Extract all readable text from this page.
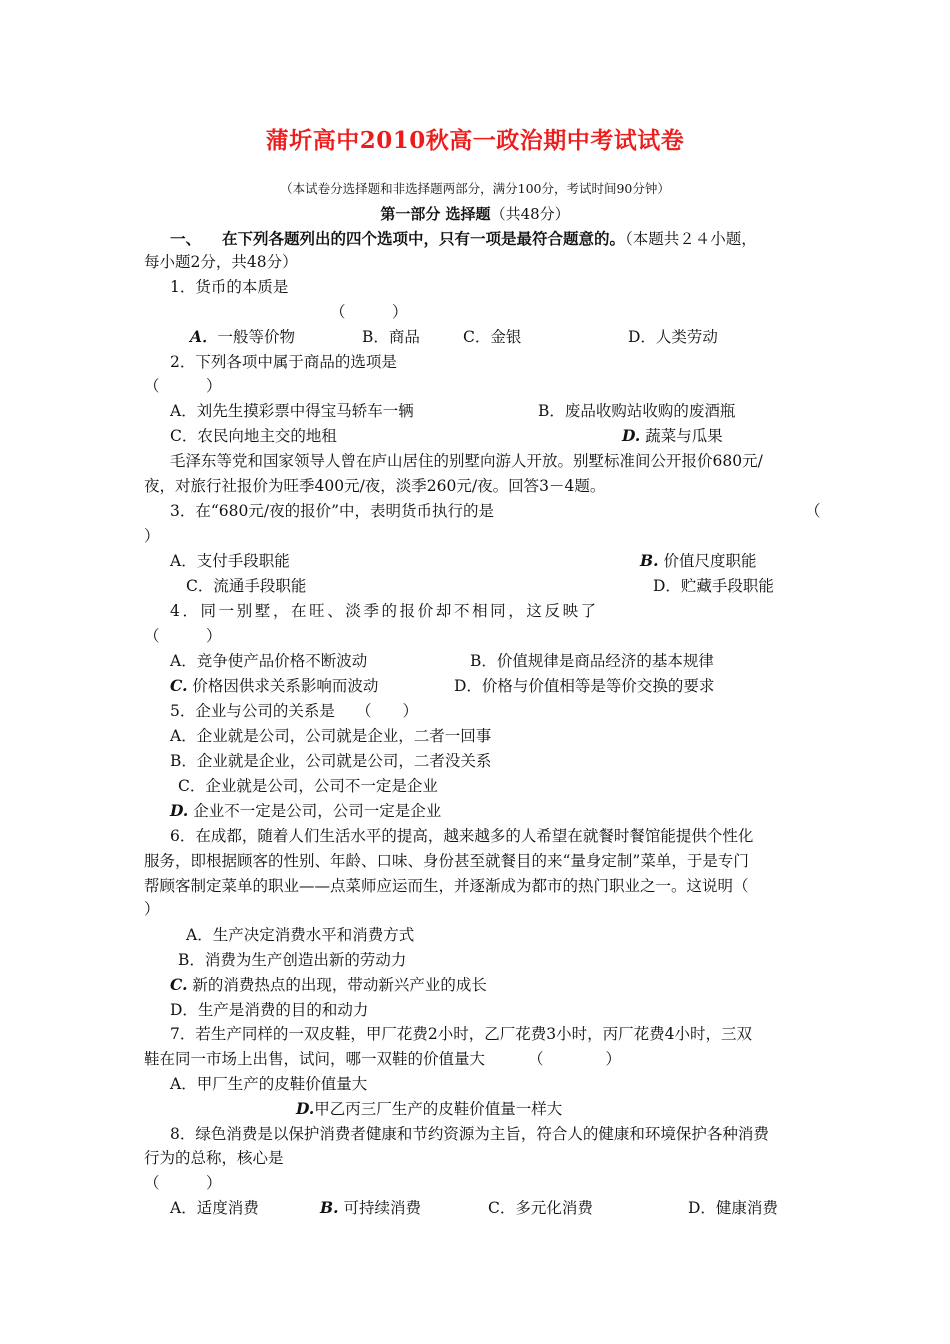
蒲圻高中2010秋高一政治期中考试试卷
（本试卷分选择题和非选择题两部分，满分100分，考试时间90分钟）
第一部分 选择题（共48分）
一、 在下列各题列出的四个选项中，只有一项是最符合题意的。（本题共２４小题，
每小题2分，共48分）
1．货币的本质是
（　　　）
A．一般等价物	B．商品	C．金银	D．人类劳动
2．下列各项中属于商品的选项是
（　　　）
A．刘先生摸彩票中得宝马轿车一辆	B．废品收购站收购的废酒瓶
C．农民向地主交的地租	D. 蔬菜与瓜果
毛泽东等党和国家领导人曾在庐山居住的别墅向游人开放。别墅标准间公开报价680元/
夜，对旅行社报价为旺季400元/夜，淡季260元/夜。回答3－4题。
3．在“680元/夜的报价”中，表明货币执行的是	（
）
A．支付手段职能	B. 价值尺度职能
C．流通手段职能	D．贮藏手段职能
4．同一别墅，在旺、淡季的报价却不相同，这反映了
（　　　）
A．竞争使产品价格不断波动	B．价值规律是商品经济的基本规律
C. 价格因供求关系影响而波动	D．价格与价值相等是等价交换的要求
5．企业与公司的关系是 （　　）
A．企业就是公司，公司就是企业，二者一回事
B．企业就是企业，公司就是公司，二者没关系
C．企业就是公司，公司不一定是企业
D. 企业不一定是公司，公司一定是企业
6．在成都，随着人们生活水平的提高，越来越多的人希望在就餐时餐馆能提供个性化
服务，即根据顾客的性别、年龄、口味、身份甚至就餐目的来“量身定制”菜单，于是专门
帮顾客制定菜单的职业——点菜师应运而生，并逐渐成为都市的热门职业之一。这说明（
）
A．生产决定消费水平和消费方式
B．消费为生产创造出新的劳动力
C. 新的消费热点的出现，带动新兴产业的成长
D．生产是消费的目的和动力
7．若生产同样的一双皮鞋，甲厂花费2小时，乙厂花费3小时，丙厂花费4小时，三双
鞋在同一市场上出售，试问，哪一双鞋的价值量大	（　　　　）
A．甲厂生产的皮鞋价值量大
D.甲乙丙三厂生产的皮鞋价值量一样大
8．绿色消费是以保护消费者健康和节约资源为主旨，符合人的健康和环境保护各种消费
行为的总称，核心是
（　　　）
A．适度消费	B. 可持续消费	C．多元化消费	D．健康消费
